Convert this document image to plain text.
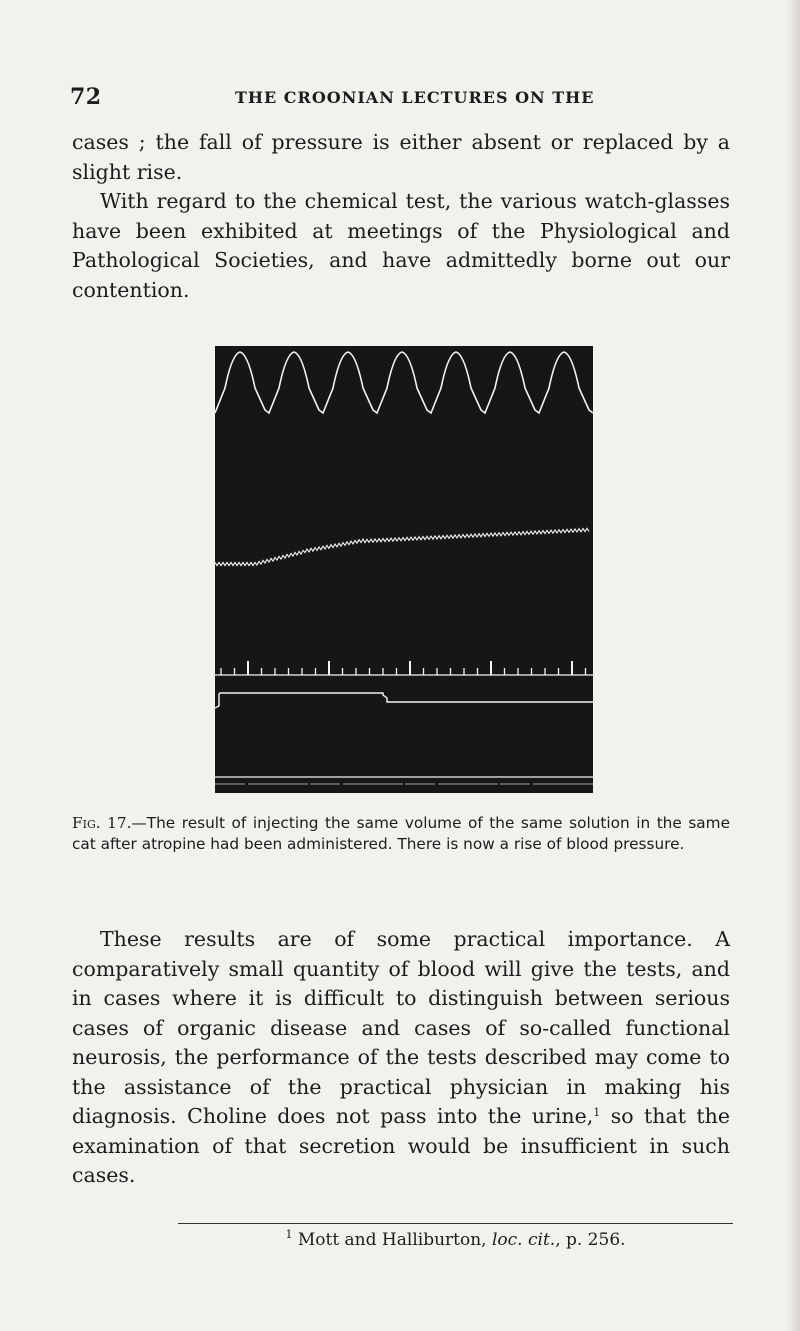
72	THE CROONIAN LECTURES ON THE

cases ; the fall of pressure is either absent or replaced by a slight rise.

With regard to the chemical test, the various watch-glasses have been exhibited at meetings of the Physiological and Pathological Societies, and have admittedly borne out our contention.

Fig. 17.—The result of injecting the same volume of the same solution in the same cat after atropine had been administered. There is now a rise of blood pressure.

These results are of some practical importance. A comparatively small quantity of blood will give the tests, and in cases where it is difficult to distinguish between serious cases of organic disease and cases of so-called functional neurosis, the performance of the tests described may come to the assistance of the practical physician in making his diagnosis. Choline does not pass into the urine,$^1$ so that the examination of that secretion would be insufficient in such cases.

$^1$ Mott and Halliburton, loc. cit., p. 256.
